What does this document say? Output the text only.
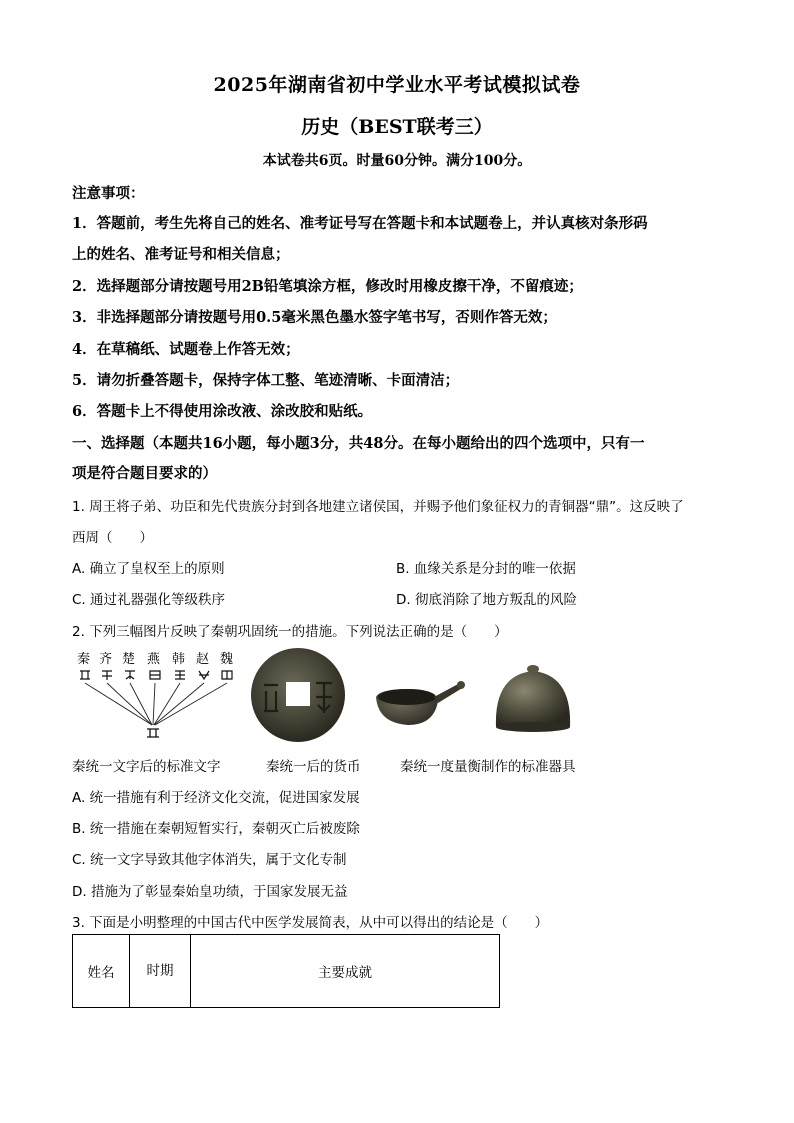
2025年湖南省初中学业水平考试模拟试卷
历史（BEST联考三）
本试卷共6页。时量60分钟。满分100分。
注意事项：
1．答题前，考生先将自己的姓名、准考证号写在答题卡和本试题卷上，并认真核对条形码
上的姓名、准考证号和相关信息；
2．选择题部分请按题号用2B铅笔填涂方框，修改时用橡皮擦干净，不留痕迹；
3．非选择题部分请按题号用0.5毫米黑色墨水签字笔书写，否则作答无效；
4．在草稿纸、试题卷上作答无效；
5．请勿折叠答题卡，保持字体工整、笔迹清晰、卡面清洁；
6．答题卡上不得使用涂改液、涂改胶和贴纸。
一、选择题（本题共16小题，每小题3分，共48分。在每小题给出的四个选项中，只有一
项是符合题目要求的）
1. 周王将子弟、功臣和先代贵族分封到各地建立诸侯国，并赐予他们象征权力的青铜器“鼎”。这反映了
西周（　　）
A. 确立了皇权至上的原则	B. 血缘关系是分封的唯一依据
C. 通过礼器强化等级秩序	D. 彻底消除了地方叛乱的风险
2. 下列三幅图片反映了秦朝巩固统一的措施。下列说法正确的是（　　）
秦 齐 楚 燕 韩 赵 魏
秦统一文字后的标准文字	秦统一后的货币	秦统一度量衡制作的标准器具
A. 统一措施有利于经济文化交流，促进国家发展
B. 统一措施在秦朝短暂实行，秦朝灭亡后被废除
C. 统一文字导致其他字体消失，属于文化专制
D. 措施为了彰显秦始皇功绩，于国家发展无益
3. 下面是小明整理的中国古代中医学发展简表，从中可以得出的结论是（　　）
姓名	时期	主要成就
